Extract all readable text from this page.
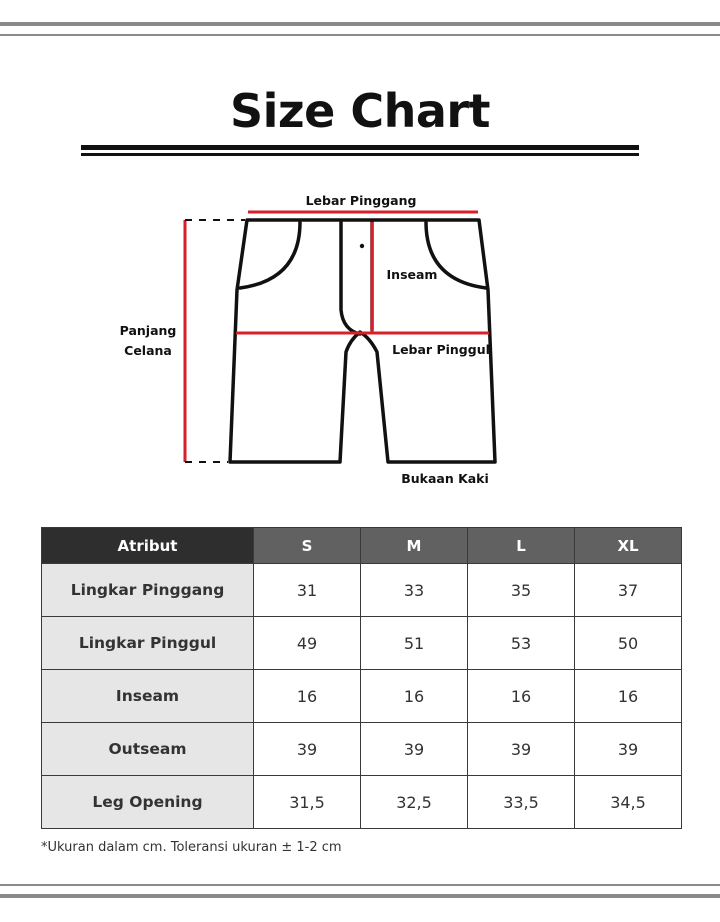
Size Chart
Lebar Pinggang
Inseam
Panjang
Celana	Lebar Pinggul
Bukaan Kaki
Atribut	S	M	L	XL
Lingkar Pinggang	31	33	35	37
Lingkar Pinggul	49	51	53	50
Inseam	16	16	16	16
Outseam	39	39	39	39
Leg Opening	31,5	32,5	33,5	34,5
*Ukuran dalam cm. Toleransi ukuran ± 1-2 cm
